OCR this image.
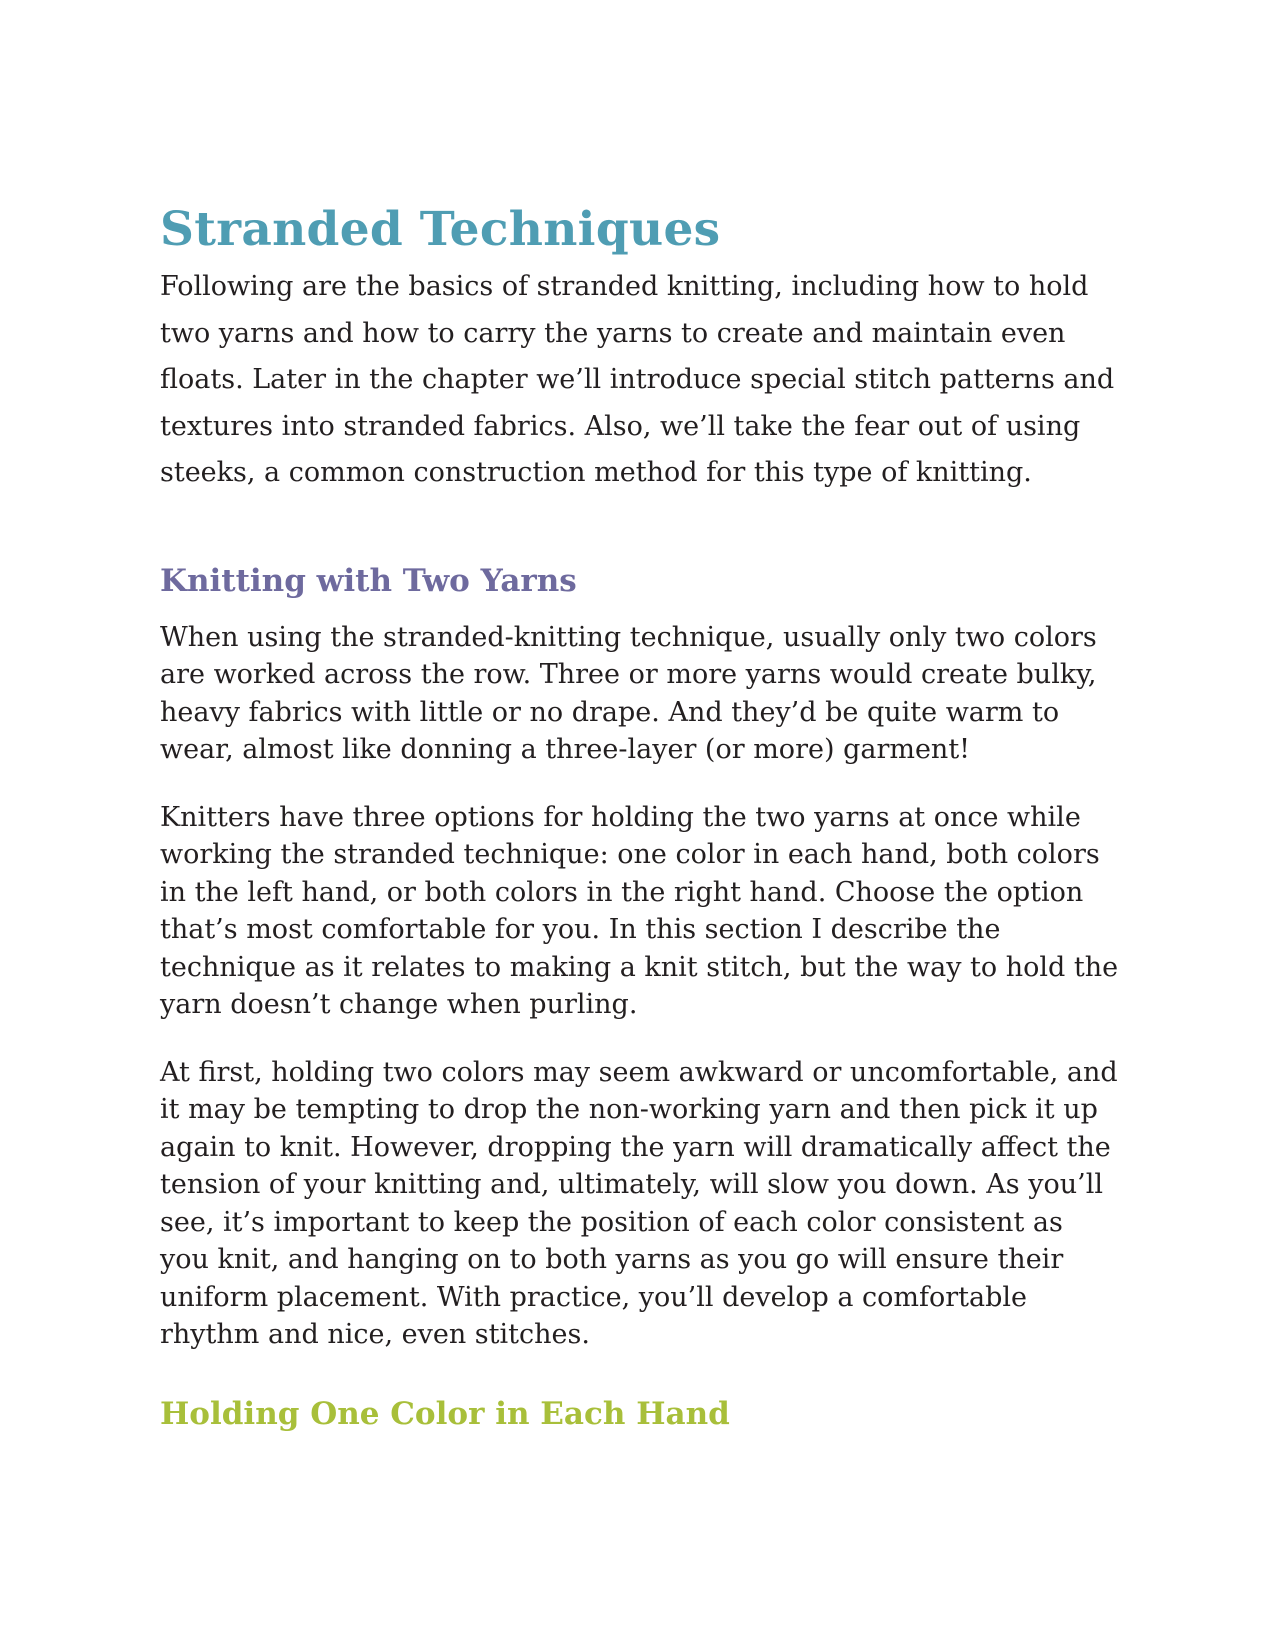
Stranded Techniques

Following are the basics of stranded knitting, including how to hold two yarns and how to carry the yarns to create and maintain even floats. Later in the chapter we’ll introduce special stitch patterns and textures into stranded fabrics. Also, we’ll take the fear out of using steeks, a common construction method for this type of knitting.

Knitting with Two Yarns

When using the stranded-knitting technique, usually only two colors are worked across the row. Three or more yarns would create bulky, heavy fabrics with little or no drape. And they’d be quite warm to wear, almost like donning a three-layer (or more) garment!

Knitters have three options for holding the two yarns at once while working the stranded technique: one color in each hand, both colors in the left hand, or both colors in the right hand. Choose the option that’s most comfortable for you. In this section I describe the technique as it relates to making a knit stitch, but the way to hold the yarn doesn’t change when purling.

At first, holding two colors may seem awkward or uncomfortable, and it may be tempting to drop the non-working yarn and then pick it up again to knit. However, dropping the yarn will dramatically affect the tension of your knitting and, ultimately, will slow you down. As you’ll see, it’s important to keep the position of each color consistent as you knit, and hanging on to both yarns as you go will ensure their uniform placement. With practice, you’ll develop a comfortable rhythm and nice, even stitches.

Holding One Color in Each Hand
